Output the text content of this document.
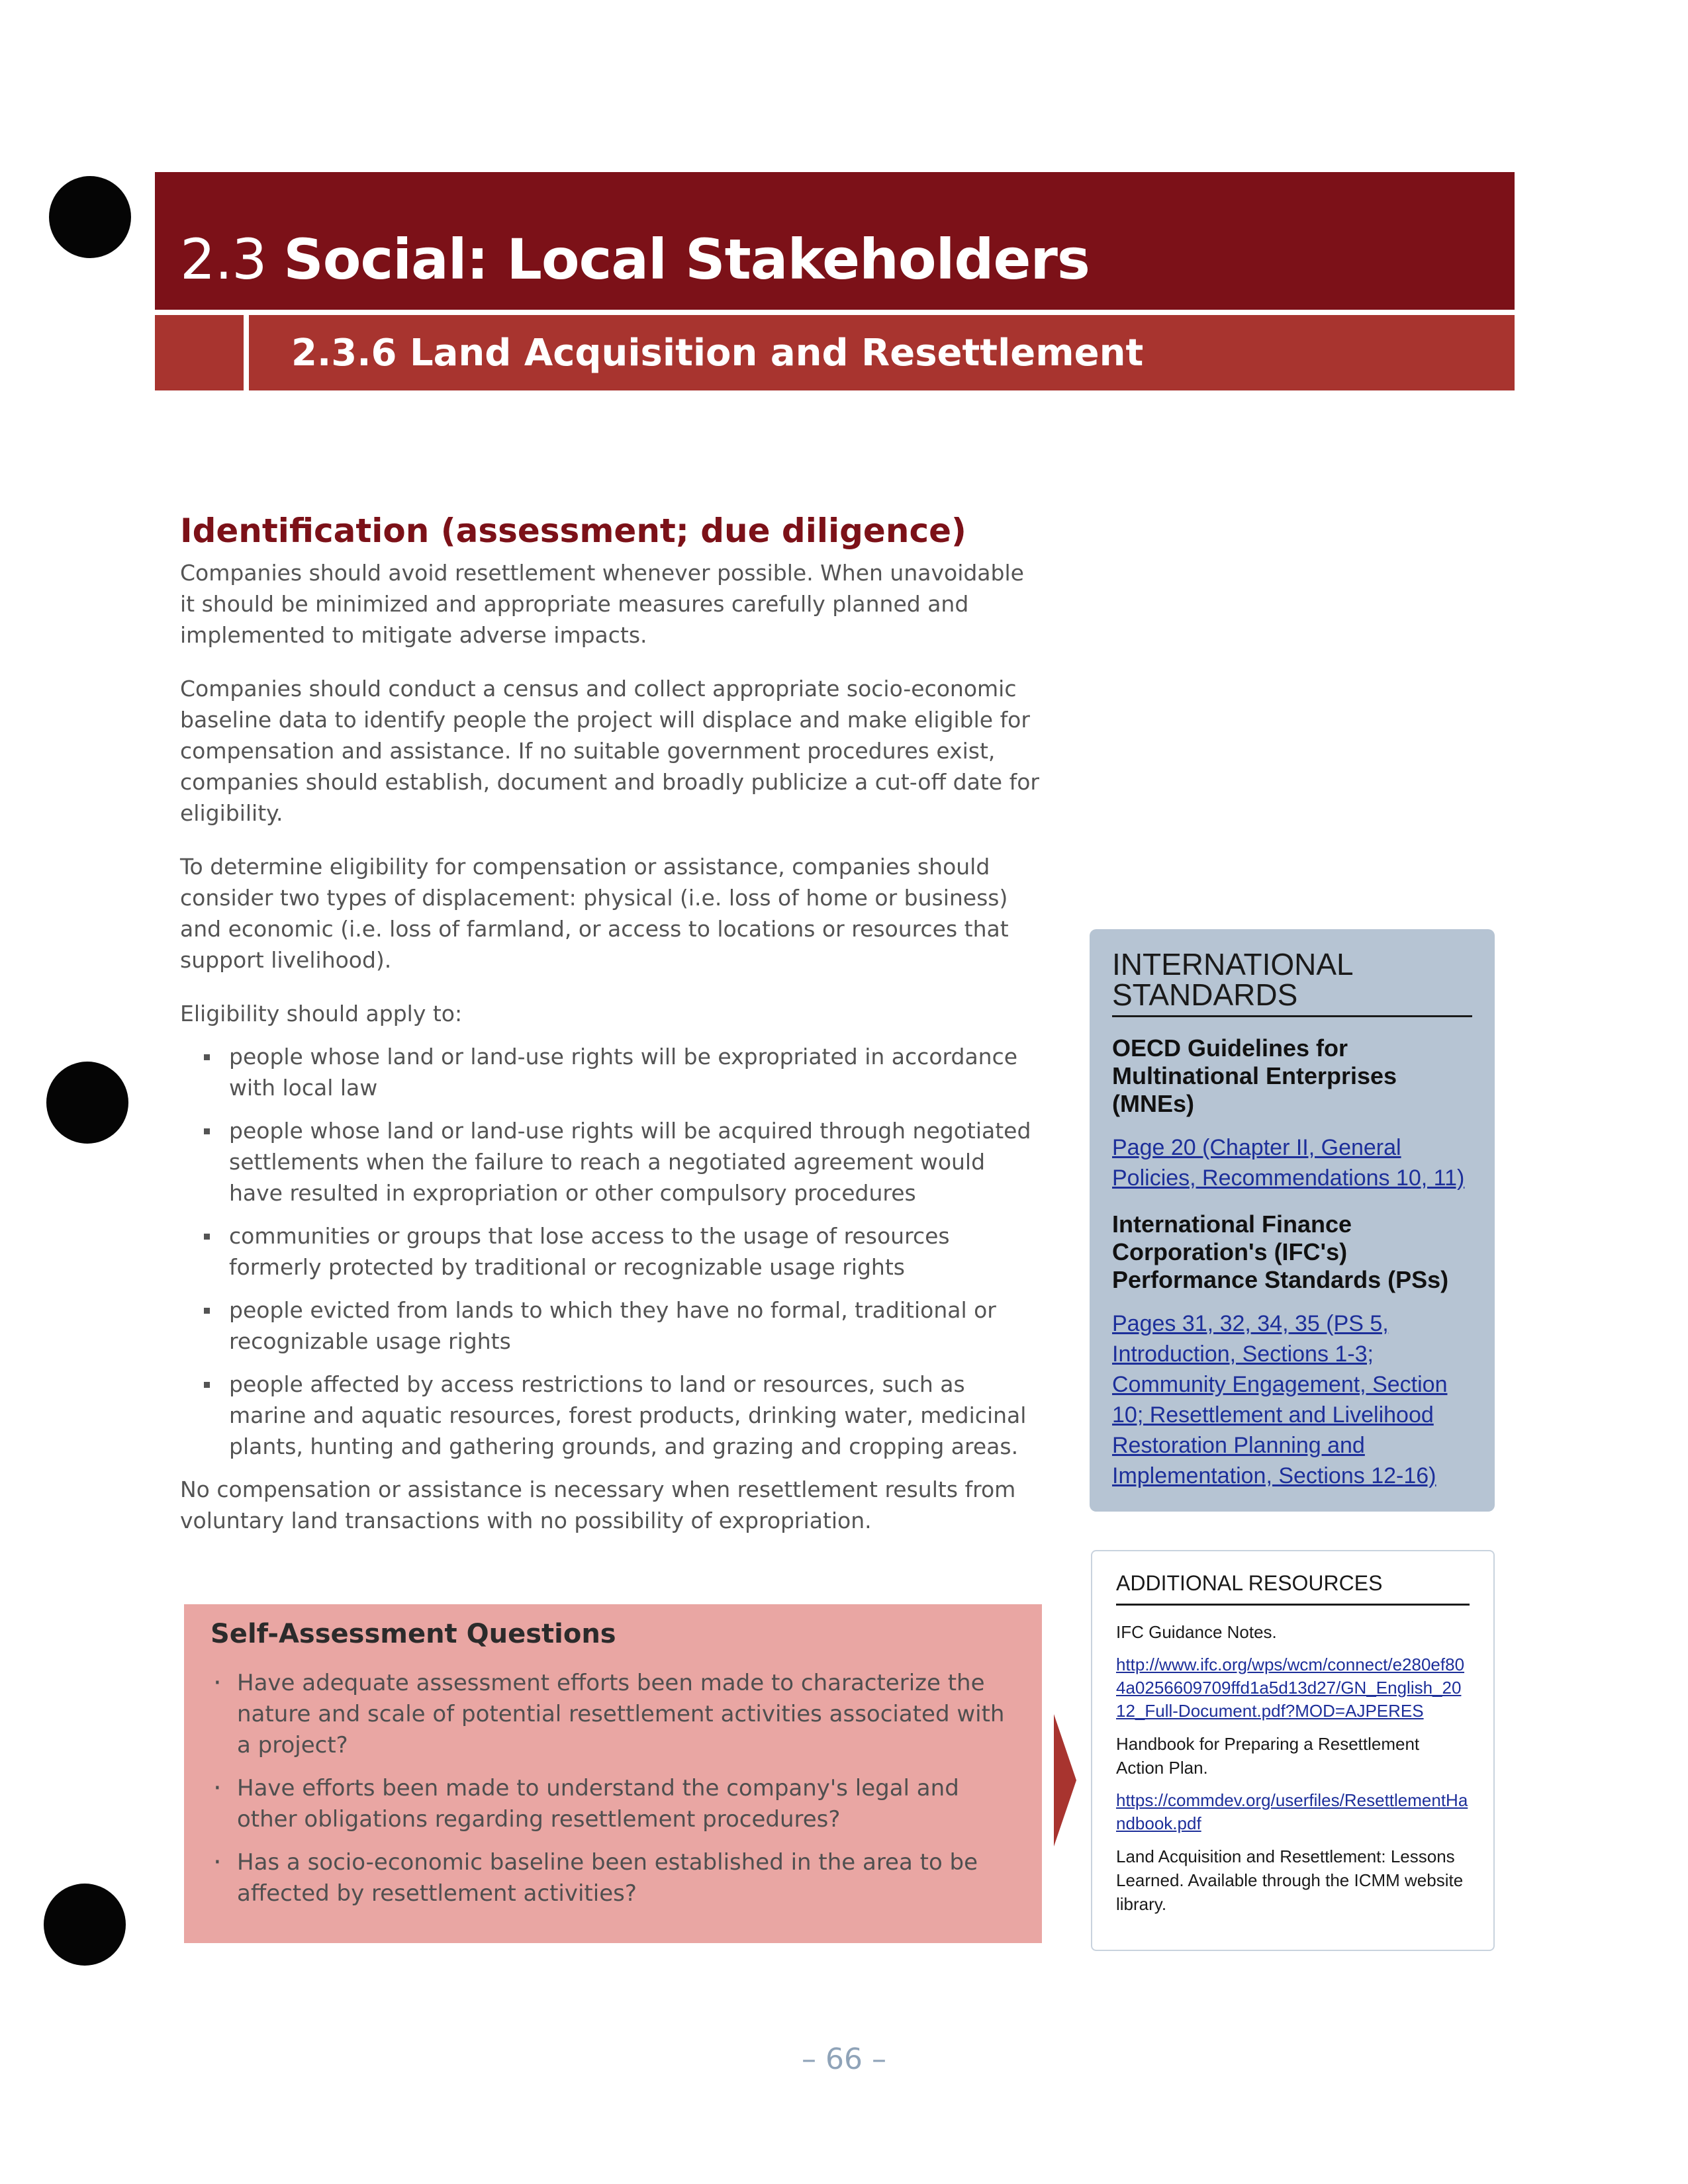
2.3 Social: Local Stakeholders
2.3.6 Land Acquisition and Resettlement
Identification (assessment; due diligence)

Companies should avoid resettlement whenever possible. When unavoidable it should be minimized and appropriate measures carefully planned and implemented to mitigate adverse impacts.

Companies should conduct a census and collect appropriate socio-economic baseline data to identify people the project will displace and make eligible for compensation and assistance. If no suitable government procedures exist, companies should establish, document and broadly publicize a cut-off date for eligibility.

To determine eligibility for compensation or assistance, companies should consider two types of displacement: physical (i.e. loss of home or business) and economic (i.e. loss of farmland, or access to locations or resources that support livelihood).

Eligibility should apply to:

people whose land or land-use rights will be expropriated in accordance with local law
people whose land or land-use rights will be acquired through negotiated settlements when the failure to reach a negotiated agreement would have resulted in expropriation or other compulsory procedures
communities or groups that lose access to the usage of resources formerly protected by traditional or recognizable usage rights
people evicted from lands to which they have no formal, traditional or recognizable usage rights
people affected by access restrictions to land or resources, such as marine and aquatic resources, forest products, drinking water, medicinal plants, hunting and gathering grounds, and grazing and cropping areas.

No compensation or assistance is necessary when resettlement results from voluntary land transactions with no possibility of expropriation.

Self-Assessment Questions
· Have adequate assessment efforts been made to characterize the nature and scale of potential resettlement activities associated with a project?
· Have efforts been made to understand the company's legal and other obligations regarding resettlement procedures?
· Has a socio-economic baseline been established in the area to be affected by resettlement activities?
INTERNATIONAL STANDARDS
OECD Guidelines for Multinational Enterprises (MNEs)
Page 20 (Chapter II, General Policies, Recommendations 10, 11)
International Finance Corporation's (IFC's) Performance Standards (PSs)
Pages 31, 32, 34, 35 (PS 5, Introduction, Sections 1-3; Community Engagement, Section 10; Resettlement and Livelihood Restoration Planning and Implementation, Sections 12-16)
ADDITIONAL RESOURCES

IFC Guidance Notes.

http://www.ifc.org/wps/wcm/connect/e280ef804a0256609709ffd1a5d13d27/GN_English_2012_Full-Document.pdf?MOD=AJPERES

Handbook for Preparing a Resettlement Action Plan.

https://commdev.org/userfiles/ResettlementHandbook.pdf

Land Acquisition and Resettlement: Lessons Learned. Available through the ICMM website library.

– 66 –
